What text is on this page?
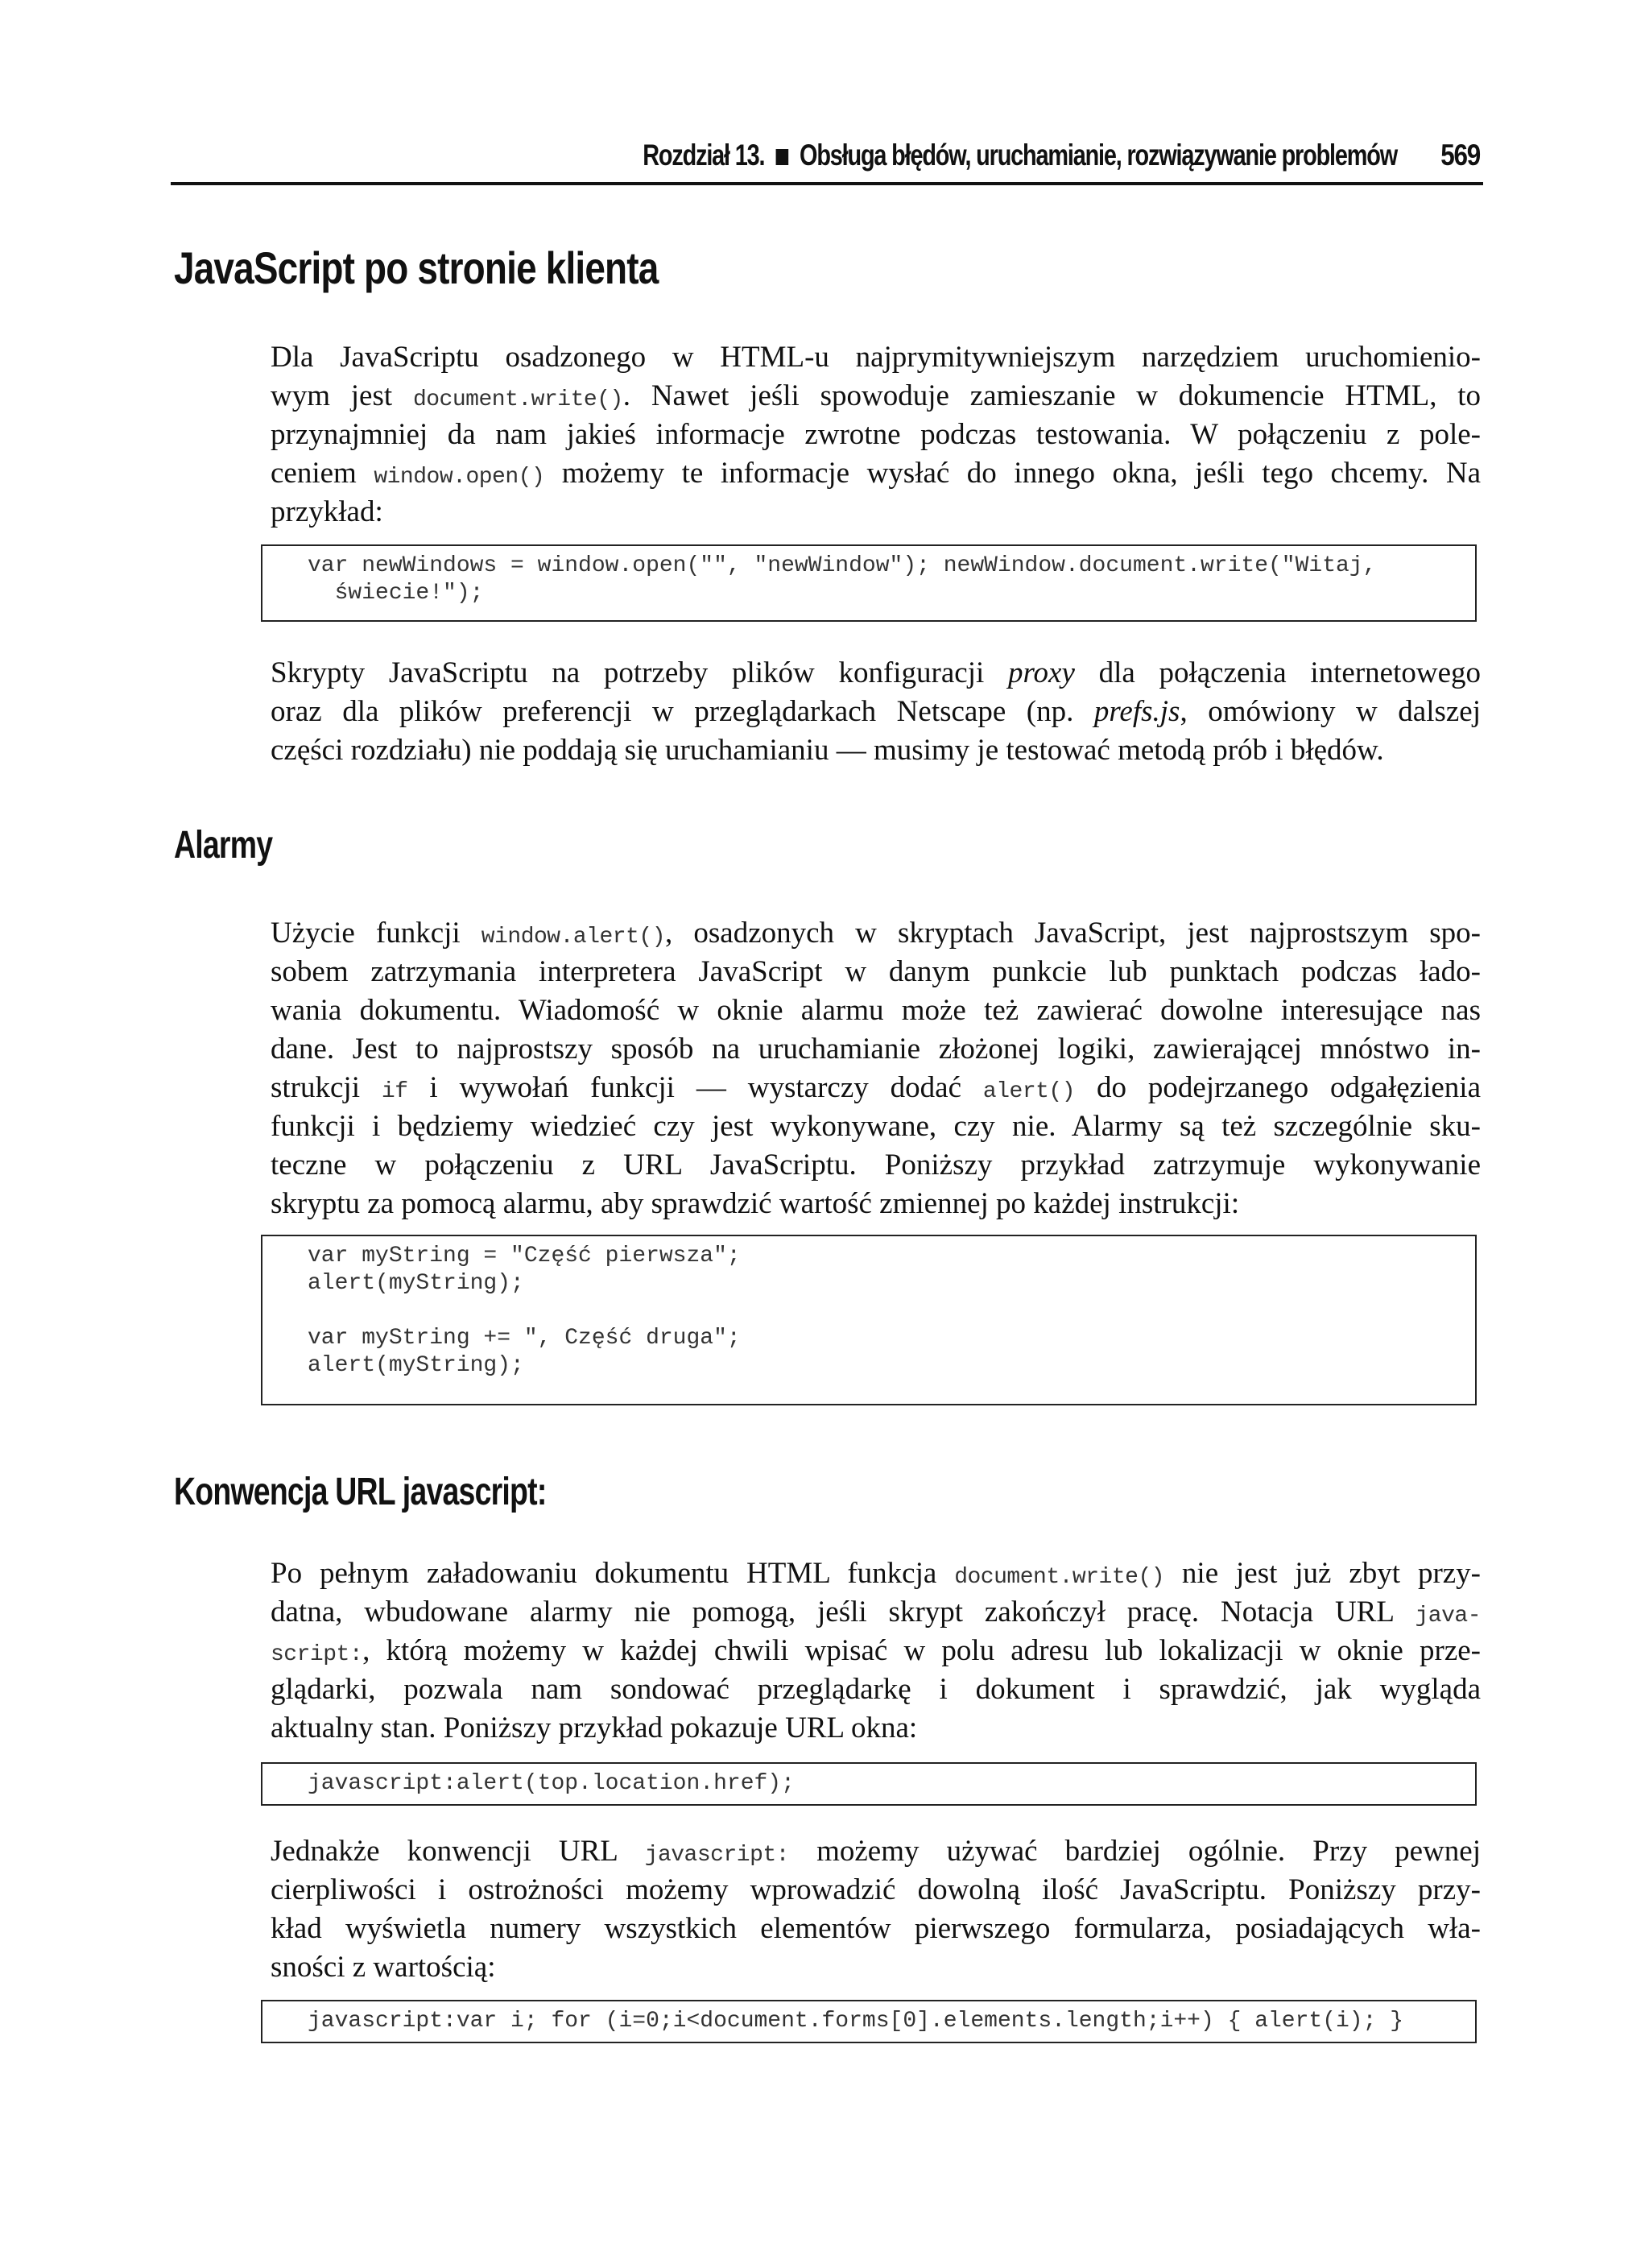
Rozdział 13. Obsługa błędów, uruchamianie, rozwiązywanie problemów 569
JavaScript po stronie klienta
Dla JavaScriptu osadzonego w HTML-u najprymitywniejszym narzędziem uruchomienio-
wym jest document.write(). Nawet jeśli spowoduje zamieszanie w dokumencie HTML, to
przynajmniej da nam jakieś informacje zwrotne podczas testowania. W połączeniu z pole-
ceniem window.open() możemy te informacje wysłać do innego okna, jeśli tego chcemy. Na
przykład:
var newWindows = window.open("", "newWindow"); newWindow.document.write("Witaj,
świecie!");
Skrypty JavaScriptu na potrzeby plików konfiguracji proxy dla połączenia internetowego
oraz dla plików preferencji w przeglądarkach Netscape (np. prefs.js, omówiony w dalszej
części rozdziału) nie poddają się uruchamianiu — musimy je testować metodą prób i błędów.
Alarmy
Użycie funkcji window.alert(), osadzonych w skryptach JavaScript, jest najprostszym spo-
sobem zatrzymania interpretera JavaScript w danym punkcie lub punktach podczas łado-
wania dokumentu. Wiadomość w oknie alarmu może też zawierać dowolne interesujące nas
dane. Jest to najprostszy sposób na uruchamianie złożonej logiki, zawierającej mnóstwo in-
strukcji if i wywołań funkcji — wystarczy dodać alert() do podejrzanego odgałęzienia
funkcji i będziemy wiedzieć czy jest wykonywane, czy nie. Alarmy są też szczególnie sku-
teczne w połączeniu z URL JavaScriptu. Poniższy przykład zatrzymuje wykonywanie
skryptu za pomocą alarmu, aby sprawdzić wartość zmiennej po każdej instrukcji:
var myString = "Część pierwsza";
alert(myString);

var myString += ", Część druga";
alert(myString);
Konwencja URL javascript:
Po pełnym załadowaniu dokumentu HTML funkcja document.write() nie jest już zbyt przy-
datna, wbudowane alarmy nie pomogą, jeśli skrypt zakończył pracę. Notacja URL java-
script:, którą możemy w każdej chwili wpisać w polu adresu lub lokalizacji w oknie prze-
glądarki, pozwala nam sondować przeglądarkę i dokument i sprawdzić, jak wygląda
aktualny stan. Poniższy przykład pokazuje URL okna:
javascript:alert(top.location.href);
Jednakże konwencji URL javascript: możemy używać bardziej ogólnie. Przy pewnej
cierpliwości i ostrożności możemy wprowadzić dowolną ilość JavaScriptu. Poniższy przy-
kład wyświetla numery wszystkich elementów pierwszego formularza, posiadających wła-
sności z wartością:
javascript:var i; for (i=0;i<document.forms[0].elements.length;i++) { alert(i); }
